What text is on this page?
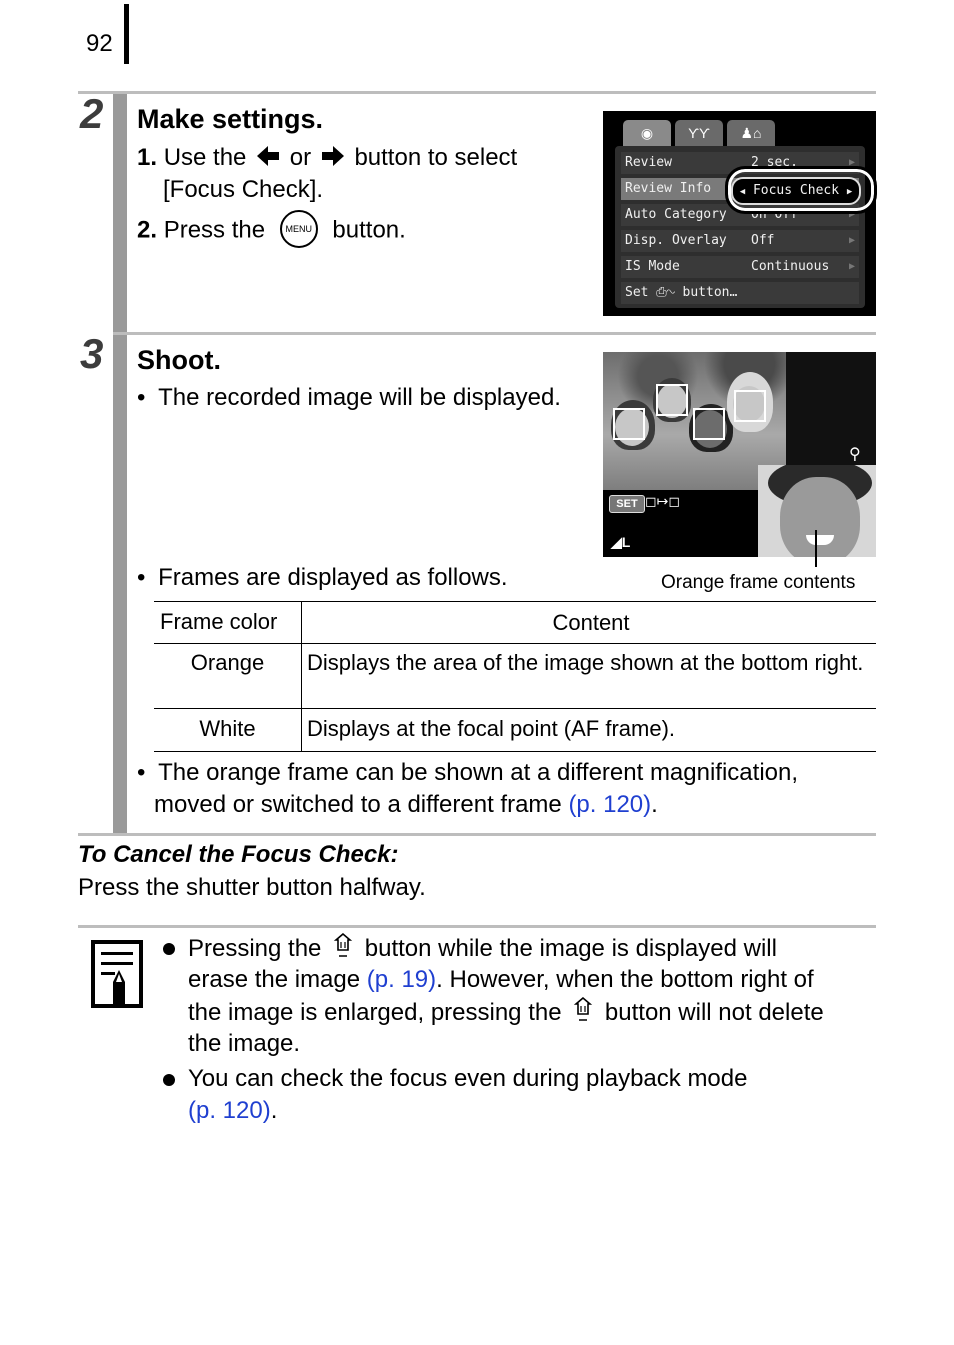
92
2 Make settings.
1. Use the or button to select
[Focus Check].
2. Press the MENU button.
◉	ϒϒ	♟⌂
Review	2 sec.	▶
Review Info
Auto Category On Off	▶
Disp. Overlay Off	▶
IS Mode	Continuous ▶
Set ⎙∿ button…
◀ Focus Check ▶
3 Shoot.
• The recorded image will be displayed.
SET ◻↦◻
◢L
⚲
Orange frame contents
• Frames are displayed as follows.
Frame color	Content
Orange	Displays the area of the image shown at the bottom right.
White	Displays at the focal point (AF frame).
• The orange frame can be shown at a different magnification,
moved or switched to a different frame (p. 120).
To Cancel the Focus Check:
Press the shutter button halfway.
Pressing the button while the image is displayed will
erase the image (p. 19). However, when the bottom right of
the image is enlarged, pressing the button will not delete
the image.
You can check the focus even during playback mode
(p. 120).
